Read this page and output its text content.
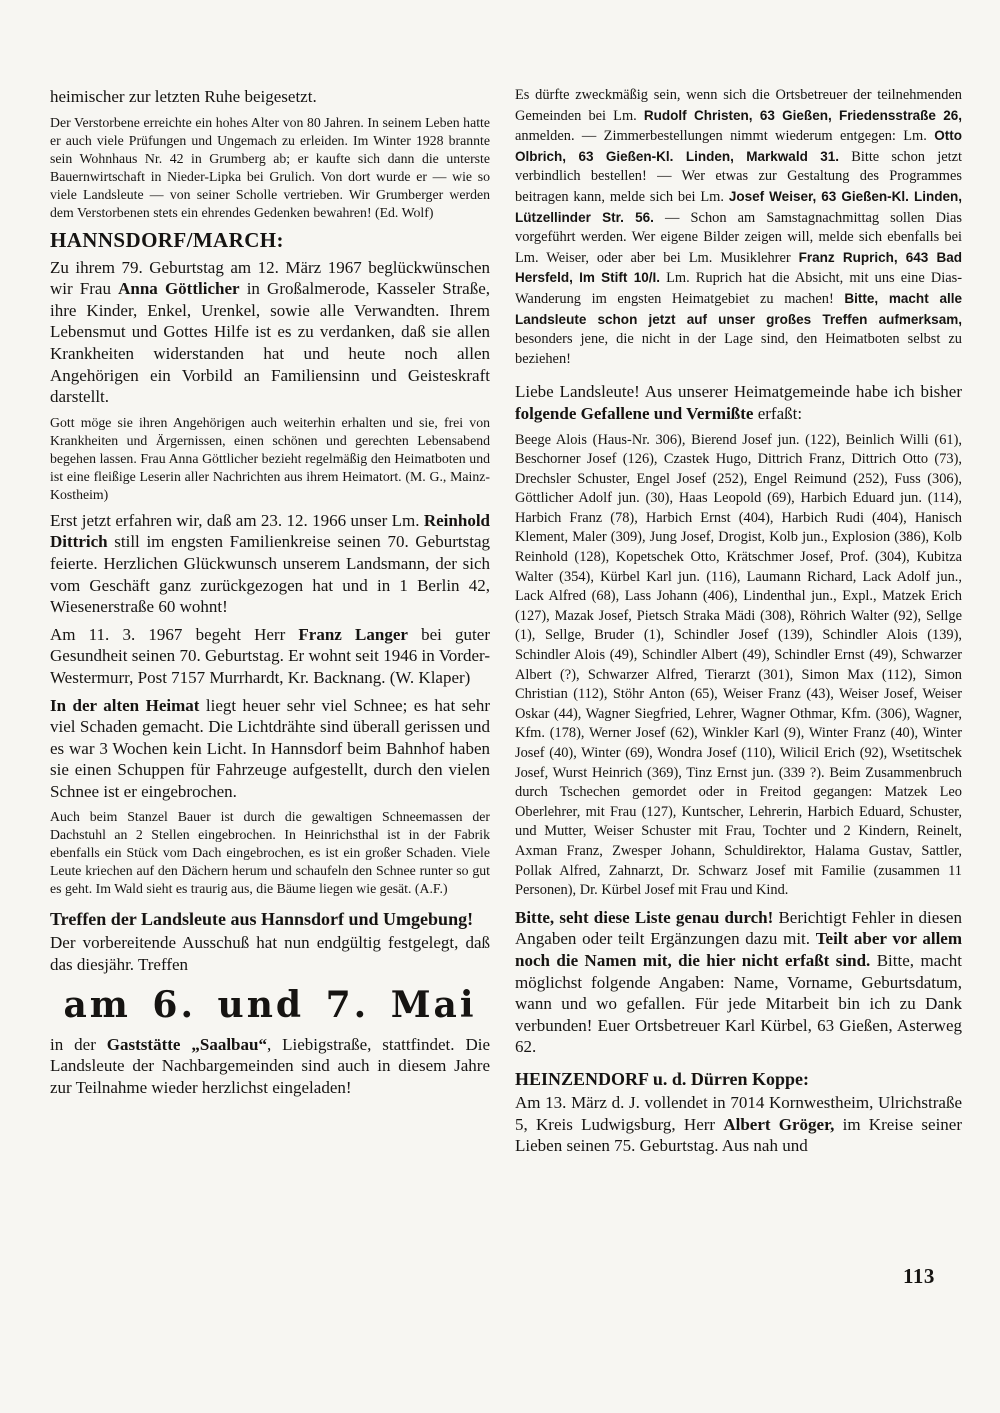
heimischer zur letzten Ruhe beigesetzt.

Der Verstorbene erreichte ein hohes Alter von 80 Jahren. In seinem Leben hatte er auch viele Prüfungen und Ungemach zu erleiden. Im Winter 1928 brannte sein Wohnhaus Nr. 42 in Grumberg ab; er kaufte sich dann die unterste Bauernwirtschaft in Nieder-Lipka bei Grulich. Von dort wurde er — wie so viele Landsleute — von seiner Scholle vertrieben. Wir Grumberger werden dem Verstorbenen stets ein ehrendes Gedenken bewahren! (Ed. Wolf)

HANNSDORF/MARCH:

Zu ihrem 79. Geburtstag am 12. März 1967 beglückwünschen wir Frau Anna Göttlicher in Großalmerode, Kasseler Straße, ihre Kinder, Enkel, Urenkel, sowie alle Verwandten. Ihrem Lebensmut und Gottes Hilfe ist es zu verdanken, daß sie allen Krankheiten widerstanden hat und heute noch allen Angehörigen ein Vorbild an Familiensinn und Geisteskraft darstellt.

Gott möge sie ihren Angehörigen auch weiterhin erhalten und sie, frei von Krankheiten und Ärgernissen, einen schönen und gerechten Lebensabend begehen lassen. Frau Anna Göttlicher bezieht regelmäßig den Heimatboten und ist eine fleißige Leserin aller Nachrichten aus ihrem Heimatort. (M. G., Mainz-Kostheim)

Erst jetzt erfahren wir, daß am 23. 12. 1966 unser Lm. Reinhold Dittrich still im engsten Familienkreise seinen 70. Geburtstag feierte. Herzlichen Glückwunsch unserem Landsmann, der sich vom Geschäft ganz zurückgezogen hat und in 1 Berlin 42, Wiesenerstraße 60 wohnt!

Am 11. 3. 1967 begeht Herr Franz Langer bei guter Gesundheit seinen 70. Geburtstag. Er wohnt seit 1946 in Vorder-Westermurr, Post 7157 Murrhardt, Kr. Backnang. (W. Klaper)

In der alten Heimat liegt heuer sehr viel Schnee; es hat sehr viel Schaden gemacht. Die Lichtdrähte sind überall gerissen und es war 3 Wochen kein Licht. In Hannsdorf beim Bahnhof haben sie einen Schuppen für Fahrzeuge aufgestellt, durch den vielen Schnee ist er eingebrochen.

Auch beim Stanzel Bauer ist durch die gewaltigen Schneemassen der Dachstuhl an 2 Stellen eingebrochen. In Heinrichsthal ist in der Fabrik ebenfalls ein Stück vom Dach eingebrochen, es ist ein großer Schaden. Viele Leute kriechen auf den Dächern herum und schaufeln den Schnee runter so gut es geht. Im Wald sieht es traurig aus, die Bäume liegen wie gesät. (A.F.)

Treffen der Landsleute aus Hannsdorf und Umgebung!

Der vorbereitende Ausschuß hat nun endgültig festgelegt, daß das diesjähr. Treffen

am 6. und 7. Mai

in der Gaststätte „Saalbau“, Liebigstraße, stattfindet. Die Landsleute der Nachbargemeinden sind auch in diesem Jahre zur Teilnahme wieder herzlichst eingeladen!

Es dürfte zweckmäßig sein, wenn sich die Ortsbetreuer der teilnehmenden Gemeinden bei Lm. Rudolf Christen, 63 Gießen, Friedensstraße 26, anmelden. — Zimmerbestellungen nimmt wiederum entgegen: Lm. Otto Olbrich, 63 Gießen-Kl. Linden, Markwald 31. Bitte schon jetzt verbindlich bestellen! — Wer etwas zur Gestaltung des Programmes beitragen kann, melde sich bei Lm. Josef Weiser, 63 Gießen-Kl. Linden, Lützellinder Str. 56. — Schon am Samstagnachmittag sollen Dias vorgeführt werden. Wer eigene Bilder zeigen will, melde sich ebenfalls bei Lm. Weiser, oder aber bei Lm. Musiklehrer Franz Ruprich, 643 Bad Hersfeld, Im Stift 10/I. Lm. Ruprich hat die Absicht, mit uns eine Dias-Wanderung im engsten Heimatgebiet zu machen! Bitte, macht alle Landsleute schon jetzt auf unser großes Treffen aufmerksam, besonders jene, die nicht in der Lage sind, den Heimatboten selbst zu beziehen!

Liebe Landsleute! Aus unserer Heimatgemeinde habe ich bisher folgende Gefallene und Vermißte erfaßt:

Beege Alois (Haus-Nr. 306), Bierend Josef jun. (122), Beinlich Willi (61), Beschorner Josef (126), Czastek Hugo, Dittrich Franz, Dittrich Otto (73), Drechsler Schuster, Engel Josef (252), Engel Reimund (252), Fuss (306), Göttlicher Adolf jun. (30), Haas Leopold (69), Harbich Eduard jun. (114), Harbich Franz (78), Harbich Ernst (404), Harbich Rudi (404), Hanisch Klement, Maler (309), Jung Josef, Drogist, Kolb jun., Explosion (386), Kolb Reinhold (128), Kopetschek Otto, Krätschmer Josef, Prof. (304), Kubitza Walter (354), Kürbel Karl jun. (116), Laumann Richard, Lack Adolf jun., Lack Alfred (68), Lass Johann (406), Lindenthal jun., Expl., Matzek Erich (127), Mazak Josef, Pietsch Straka Mädi (308), Röhrich Walter (92), Sellge (1), Sellge, Bruder (1), Schindler Josef (139), Schindler Alois (139), Schindler Alois (49), Schindler Albert (49), Schindler Ernst (49), Schwarzer Albert (?), Schwarzer Alfred, Tierarzt (301), Simon Max (112), Simon Christian (112), Stöhr Anton (65), Weiser Franz (43), Weiser Josef, Weiser Oskar (44), Wagner Siegfried, Lehrer, Wagner Othmar, Kfm. (306), Wagner, Kfm. (178), Werner Josef (62), Winkler Karl (9), Winter Franz (40), Winter Josef (40), Winter (69), Wondra Josef (110), Wilicil Erich (92), Wsetitschek Josef, Wurst Heinrich (369), Tinz Ernst jun. (339 ?). Beim Zusammenbruch durch Tschechen gemordet oder in Freitod gegangen: Matzek Leo Oberlehrer, mit Frau (127), Kuntscher, Lehrerin, Harbich Eduard, Schuster, und Mutter, Weiser Schuster mit Frau, Tochter und 2 Kindern, Reinelt, Axman Franz, Zwesper Johann, Schuldirektor, Halama Gustav, Sattler, Pollak Alfred, Zahnarzt, Dr. Schwarz Josef mit Familie (zusammen 11 Personen), Dr. Kürbel Josef mit Frau und Kind.

Bitte, seht diese Liste genau durch! Berichtigt Fehler in diesen Angaben oder teilt Ergänzungen dazu mit. Teilt aber vor allem noch die Namen mit, die hier nicht erfaßt sind. Bitte, macht möglichst folgende Angaben: Name, Vorname, Geburtsdatum, wann und wo gefallen. Für jede Mitarbeit bin ich zu Dank verbunden! Euer Ortsbetreuer Karl Kürbel, 63 Gießen, Asterweg 62.

HEINZENDORF u. d. Dürren Koppe:

Am 13. März d. J. vollendet in 7014 Kornwestheim, Ulrichstraße 5, Kreis Ludwigsburg, Herr Albert Gröger, im Kreise seiner Lieben seinen 75. Geburtstag. Aus nah und

113
